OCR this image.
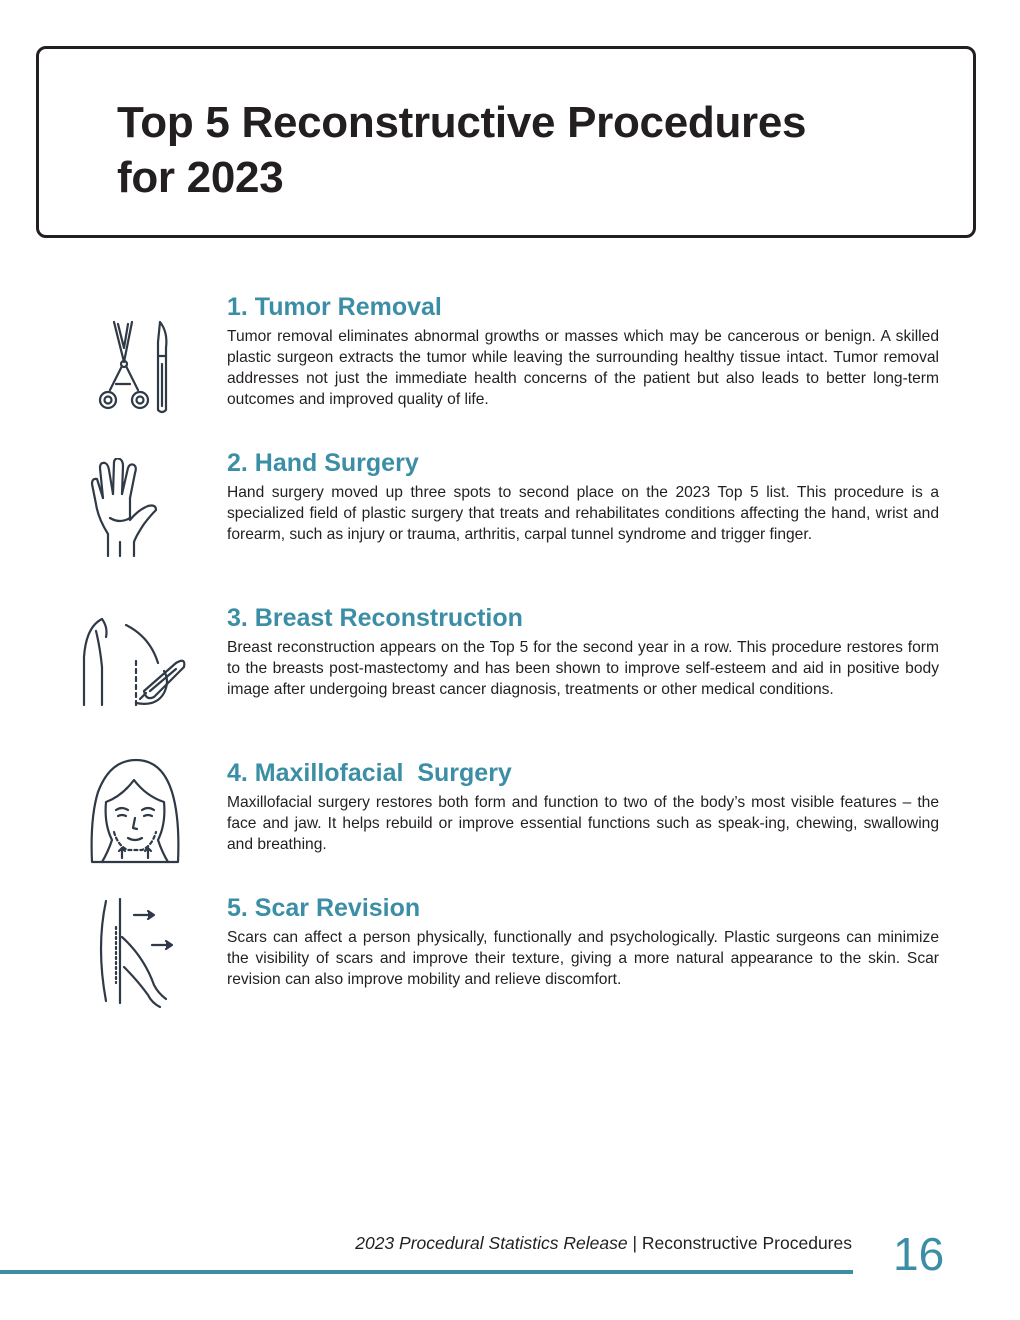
Top 5 Reconstructive Procedures
for 2023
1. Tumor Removal

Tumor removal eliminates abnormal growths or masses which may be cancerous or benign. A skilled plastic surgeon extracts the tumor while leaving the surrounding healthy tissue intact. Tumor removal addresses not just the immediate health concerns of the patient but also leads to better long-term outcomes and improved quality of life.

2. Hand Surgery

Hand surgery moved up three spots to second place on the 2023 Top 5 list. This procedure is a specialized field of plastic surgery that treats and rehabilitates conditions affecting the hand, wrist and forearm, such as injury or trauma, arthritis, carpal tunnel syndrome and trigger finger.

3. Breast Reconstruction

Breast reconstruction appears on the Top 5 for the second year in a row. This procedure restores form to the breasts post-mastectomy and has been shown to improve self-esteem and aid in positive body image after undergoing breast cancer diagnosis, treatments or other medical conditions.

4. Maxillofacial  Surgery

Maxillofacial surgery restores both form and function to two of the body’s most visible features – the face and jaw. It helps rebuild or improve essential functions such as speak-ing, chewing, swallowing and breathing.

5. Scar Revision

Scars can affect a person physically, functionally and psychologically. Plastic surgeons can minimize the visibility of scars and improve their texture, giving a more natural appearance to the skin. Scar revision can also improve mobility and relieve discomfort.

2023 Procedural Statistics Release | Reconstructive Procedures 16
